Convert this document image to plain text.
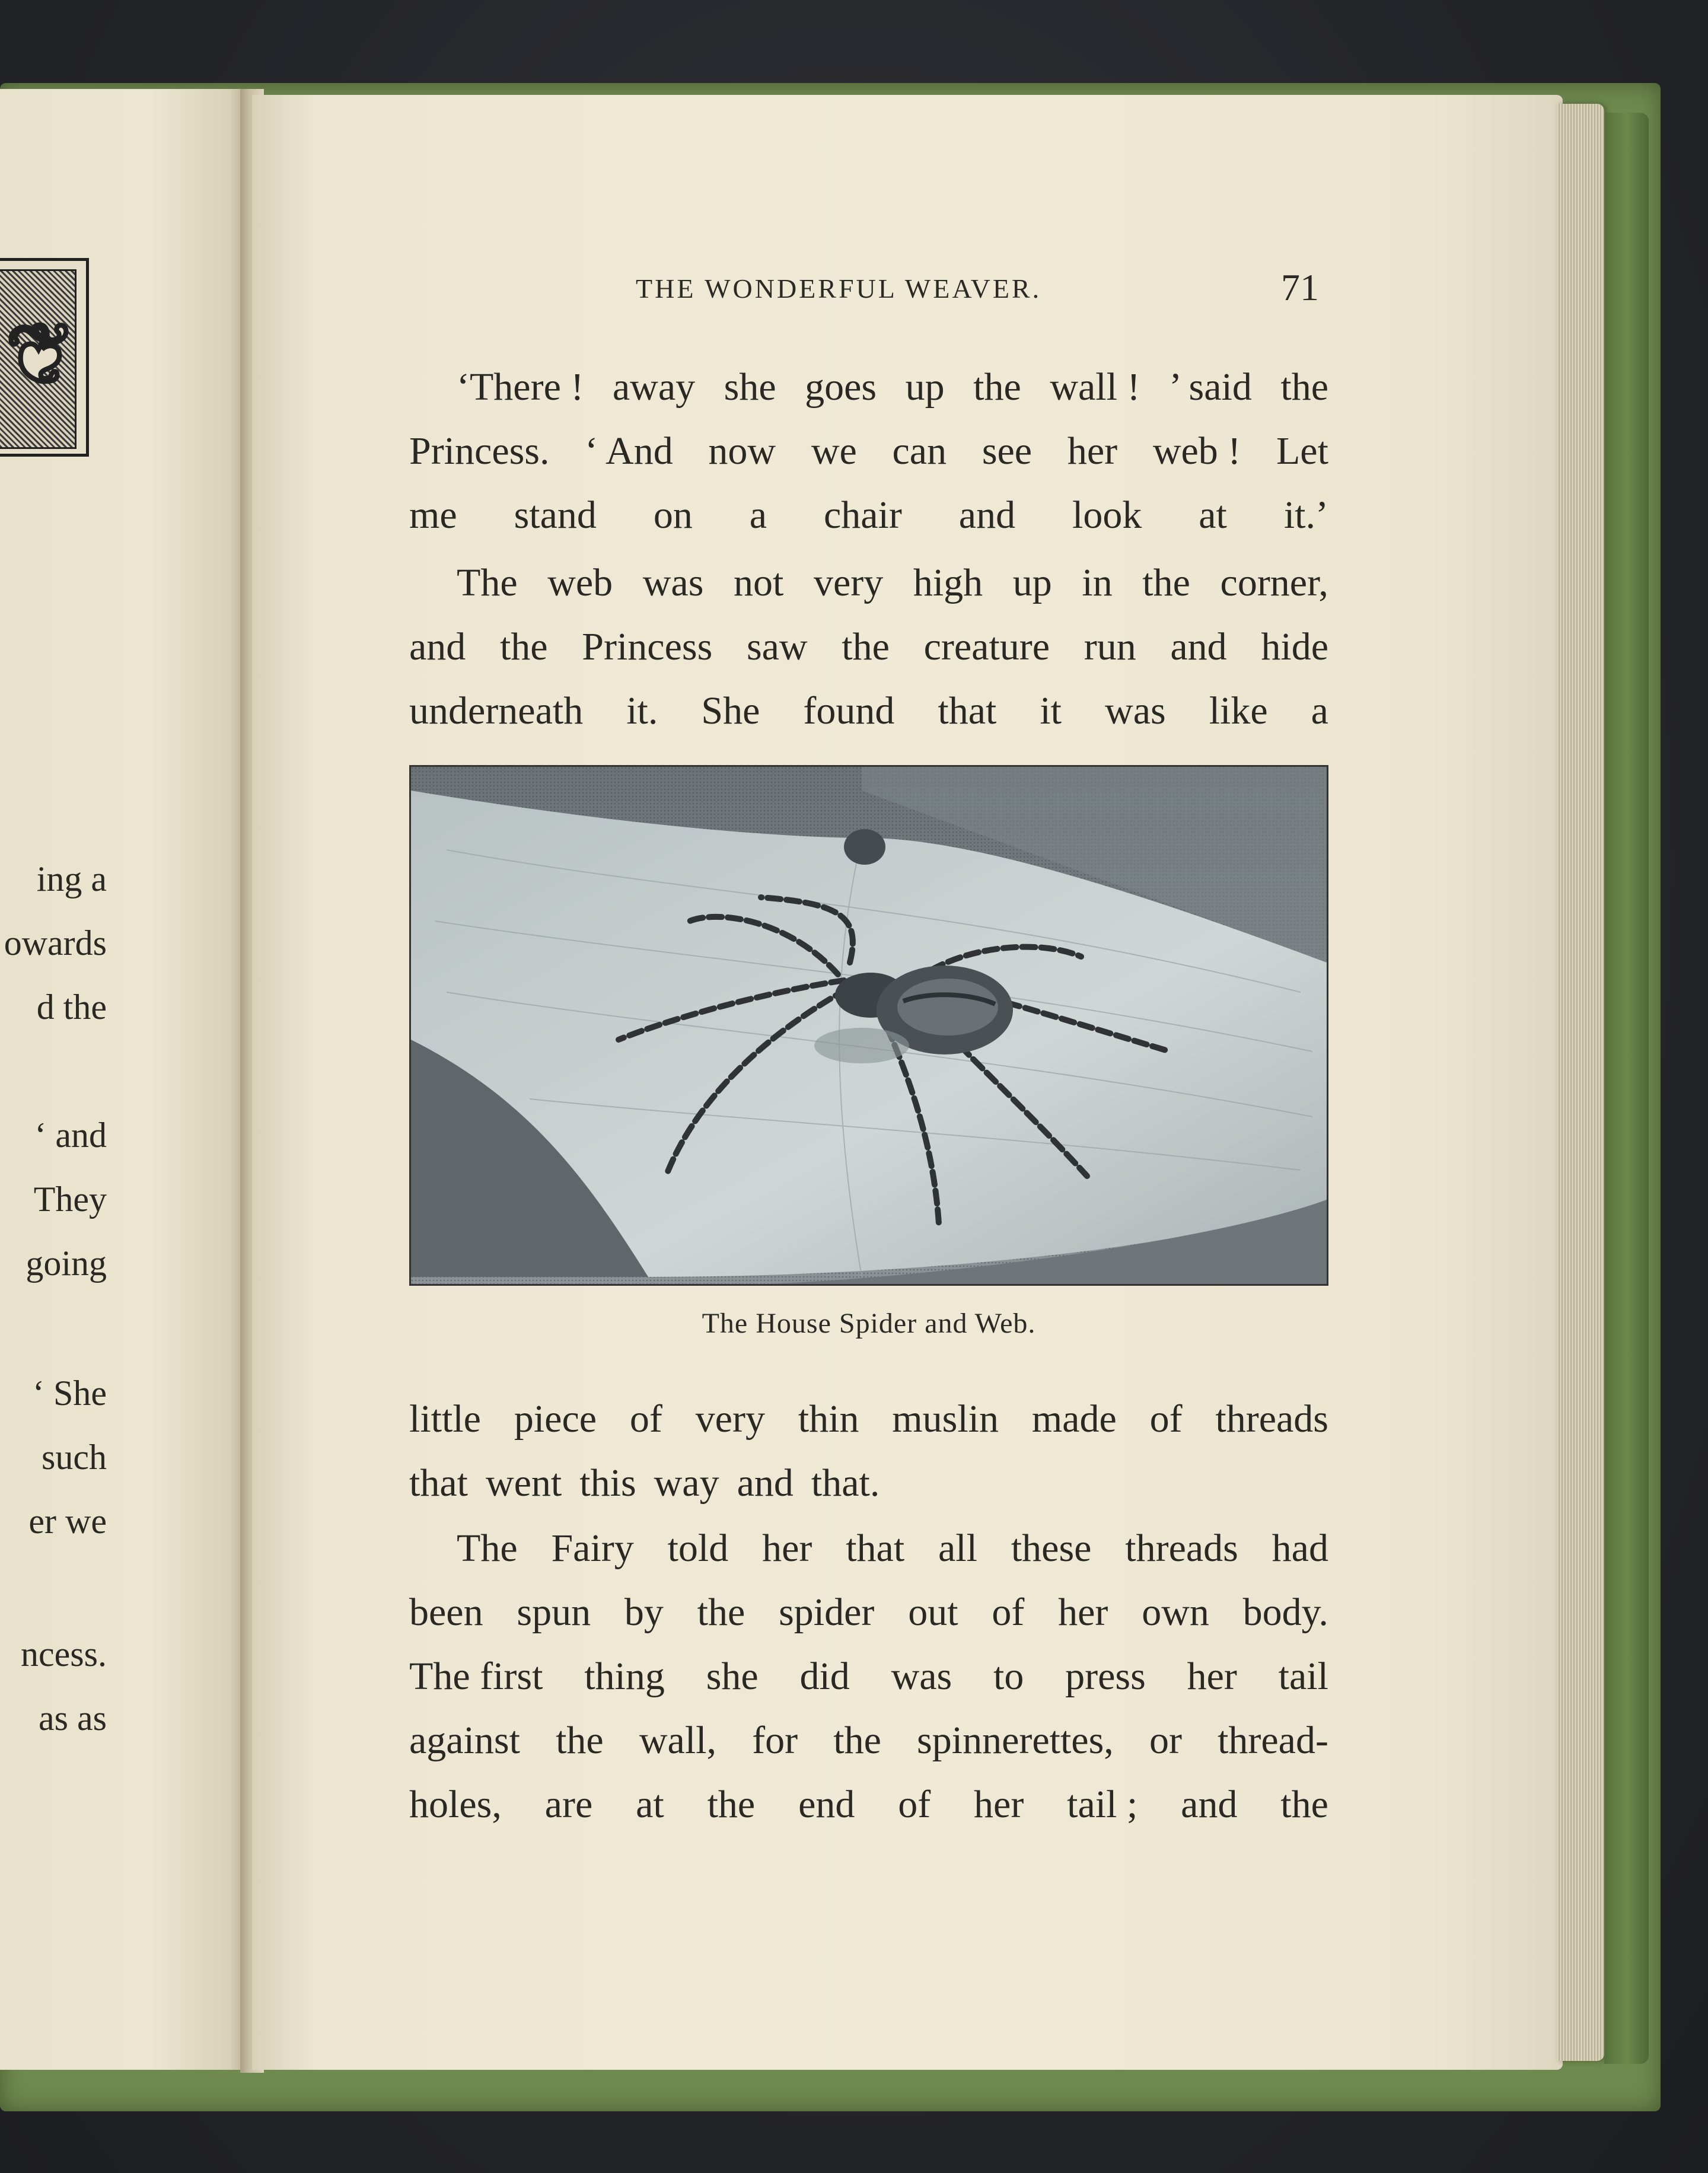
❦
ing a
owards
d the
‘ and
They
going
‘ She
such
er we
ncess.
as as
THE WONDERFUL WEAVER.	71
‘There ! away she goes up the wall ! ’ said the
Princess. ‘ And now we can see her web ! Let
me stand on a chair and look at it.’
The web was not very high up in the corner,
and the Princess saw the creature run and hide
underneath it. She found that it was like a
little piece of very thin muslin made of threads
that went this way and that.
The Fairy told her that all these threads had
been spun by the spider out of her own body.
The first thing she did was to press her tail
against the wall, for the spinnerettes, or thread-
holes, are at the end of her tail ; and the
The House Spider and Web.
